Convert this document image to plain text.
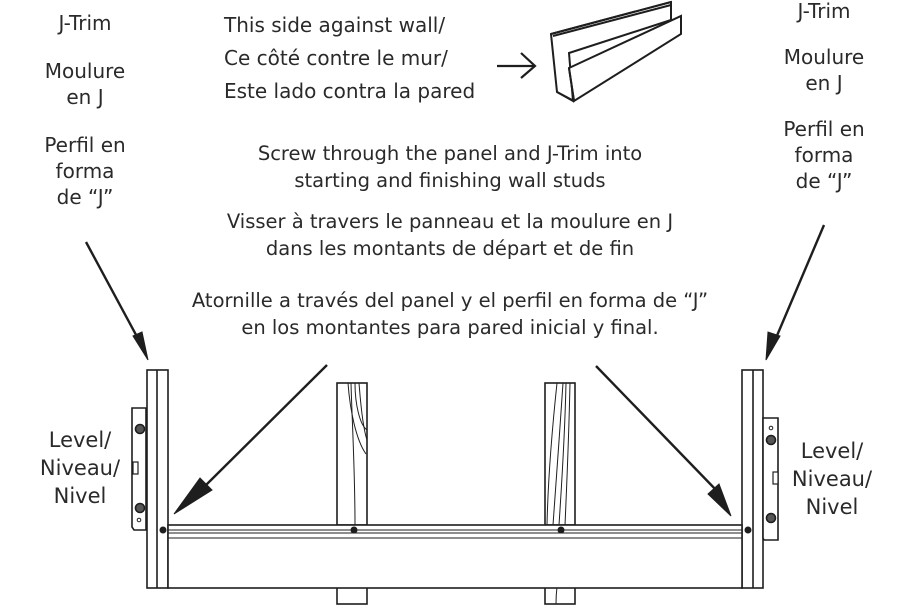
J-Trim
Moulure
en J
Perfil en
forma
de “J”
J-Trim
Moulure
en J
Perfil en
forma
de “J”
This side against wall/
Ce côté contre le mur/
Este lado contra la pared
Screw through the panel and J-Trim into
starting and finishing wall studs
Visser à travers le panneau et la moulure en J
dans les montants de départ et de fin
Atornille a través del panel y el perfil en forma de “J”
en los montantes para pared inicial y final.
Level/
Niveau/
Nivel
Level/
Niveau/
Nivel
